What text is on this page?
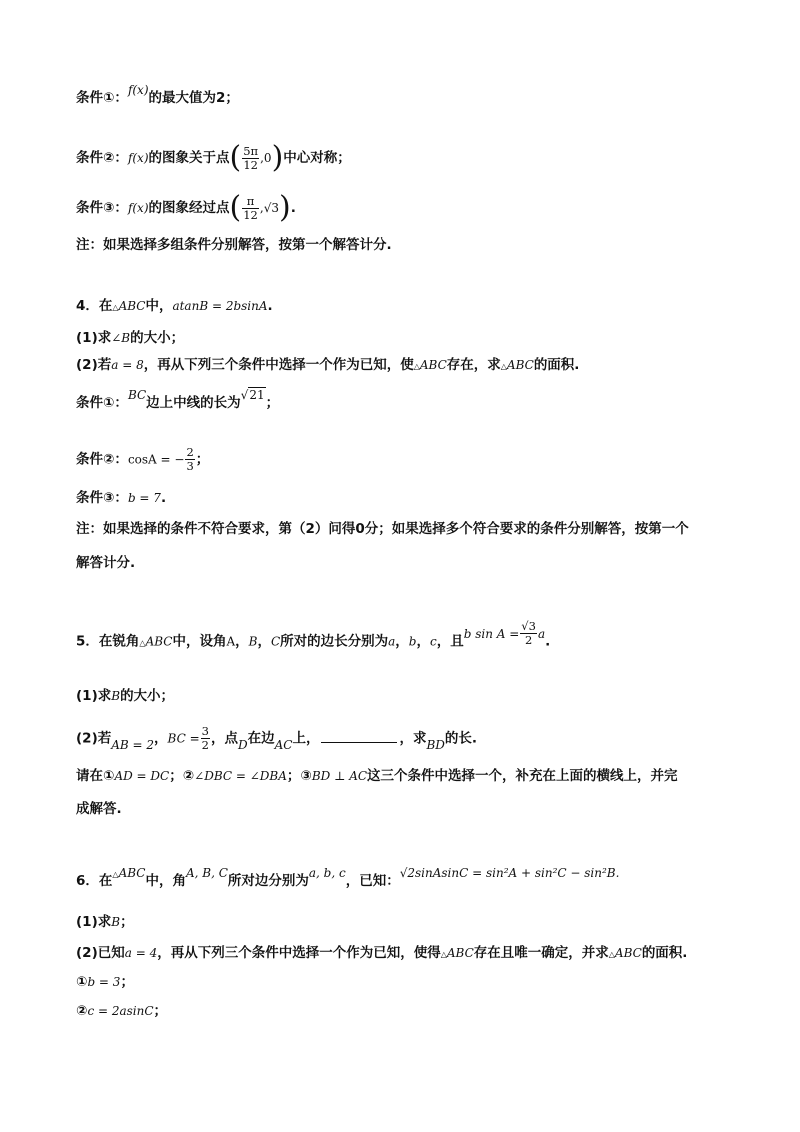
条件①：f(x)的最大值为2；
条件②：f(x)的图象关于点( $\frac{5\pi}{12} ,0$)中心对称；
条件③：f(x)的图象经过点( $\frac{\pi}{12} ,√3$).
注：如果选择多组条件分别解答，按第一个解答计分.
4．在△ABC中，atanB = 2bsinA.
(1)求∠B的大小；
(2)若a = 8，再从下列三个条件中选择一个作为已知，使△ABC存在，求△ABC的面积.
条件①：BC边上中线的长为√21；
条件②：cosA = − $\frac{2}{3}$ ；
条件③：b = 7.
注：如果选择的条件不符合要求，第（2）问得0分；如果选择多个符合要求的条件分别解答，按第一个
解答计分.
5．在锐角△ABC中，设角A，B，C所对的边长分别为a，b，c，且b $\sin A = \frac{√3}{2} a$.
(1)求B的大小；
(2)若AB = 2，BC = $\frac{3}{2}$ ，点D在边AC上，	，求BD的长.
请在①AD = DC；②∠DBC = ∠DBA；③BD ⊥ AC这三个条件中选择一个，补充在上面的横线上，并完
成解答.
6．在△ABC中，角A, B, C所对边分别为a, b, c，已知：√2sinAsinC = sin²A + sin²C − sin²B.
(1)求B；
(2)已知a = 4，再从下列三个条件中选择一个作为已知，使得△ABC存在且唯一确定，并求△ABC的面积.
①b = 3；
②c = 2asinC；
